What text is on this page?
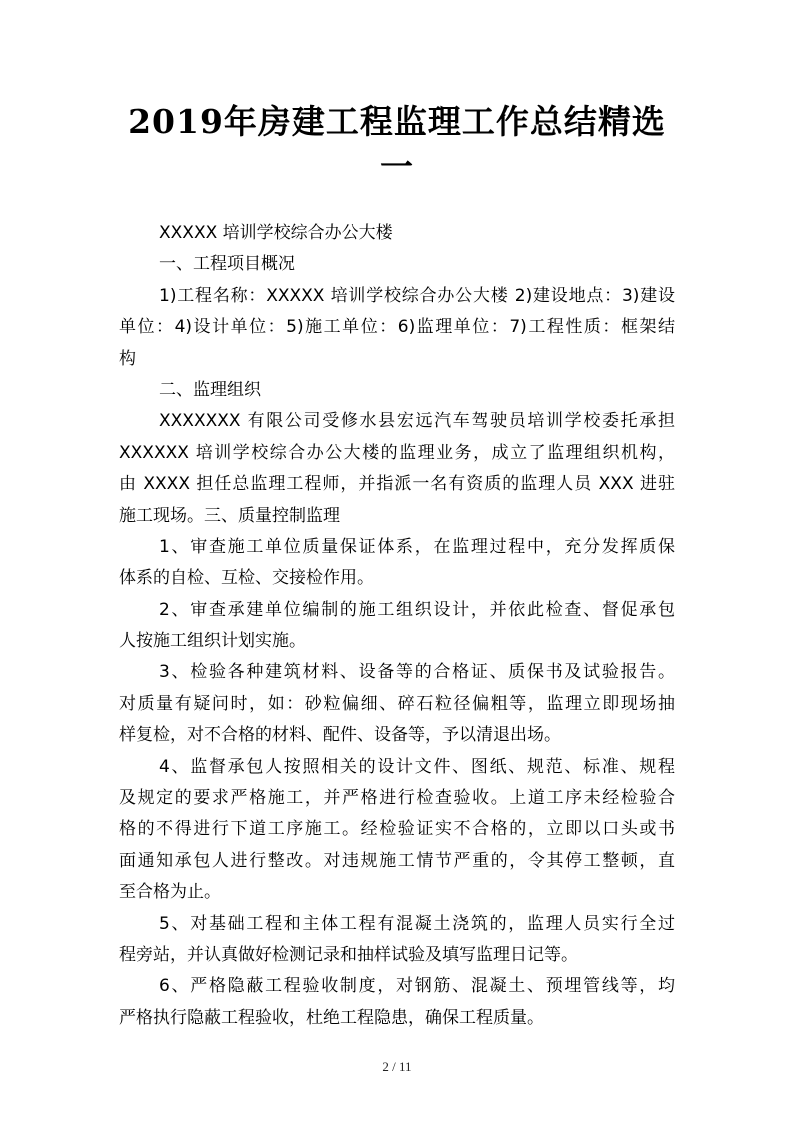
2019年房建工程监理工作总结精选
一
XXXXX 培训学校综合办公大楼
一、工程项目概况
1)工程名称：XXXXX 培训学校综合办公大楼 2)建设地点：3)建设
单位：4)设计单位：5)施工单位：6)监理单位：7)工程性质：框架结
构
二、监理组织
XXXXXXX 有限公司受修水县宏远汽车驾驶员培训学校委托承担
XXXXXX 培训学校综合办公大楼的监理业务，成立了监理组织机构，
由 XXXX 担任总监理工程师，并指派一名有资质的监理人员 XXX 进驻
施工现场。三、质量控制监理
1、审查施工单位质量保证体系，在监理过程中，充分发挥质保
体系的自检、互检、交接检作用。
2、审查承建单位编制的施工组织设计，并依此检查、督促承包
人按施工组织计划实施。
3、检验各种建筑材料、设备等的合格证、质保书及试验报告。
对质量有疑问时，如：砂粒偏细、碎石粒径偏粗等，监理立即现场抽
样复检，对不合格的材料、配件、设备等，予以清退出场。
4、监督承包人按照相关的设计文件、图纸、规范、标准、规程
及规定的要求严格施工，并严格进行检查验收。上道工序未经检验合
格的不得进行下道工序施工。经检验证实不合格的，立即以口头或书
面通知承包人进行整改。对违规施工情节严重的，令其停工整顿，直
至合格为止。
5、对基础工程和主体工程有混凝土浇筑的，监理人员实行全过
程旁站，并认真做好检测记录和抽样试验及填写监理日记等。
6、严格隐蔽工程验收制度，对钢筋、混凝土、预埋管线等，均
严格执行隐蔽工程验收，杜绝工程隐患，确保工程质量。
2 / 11
